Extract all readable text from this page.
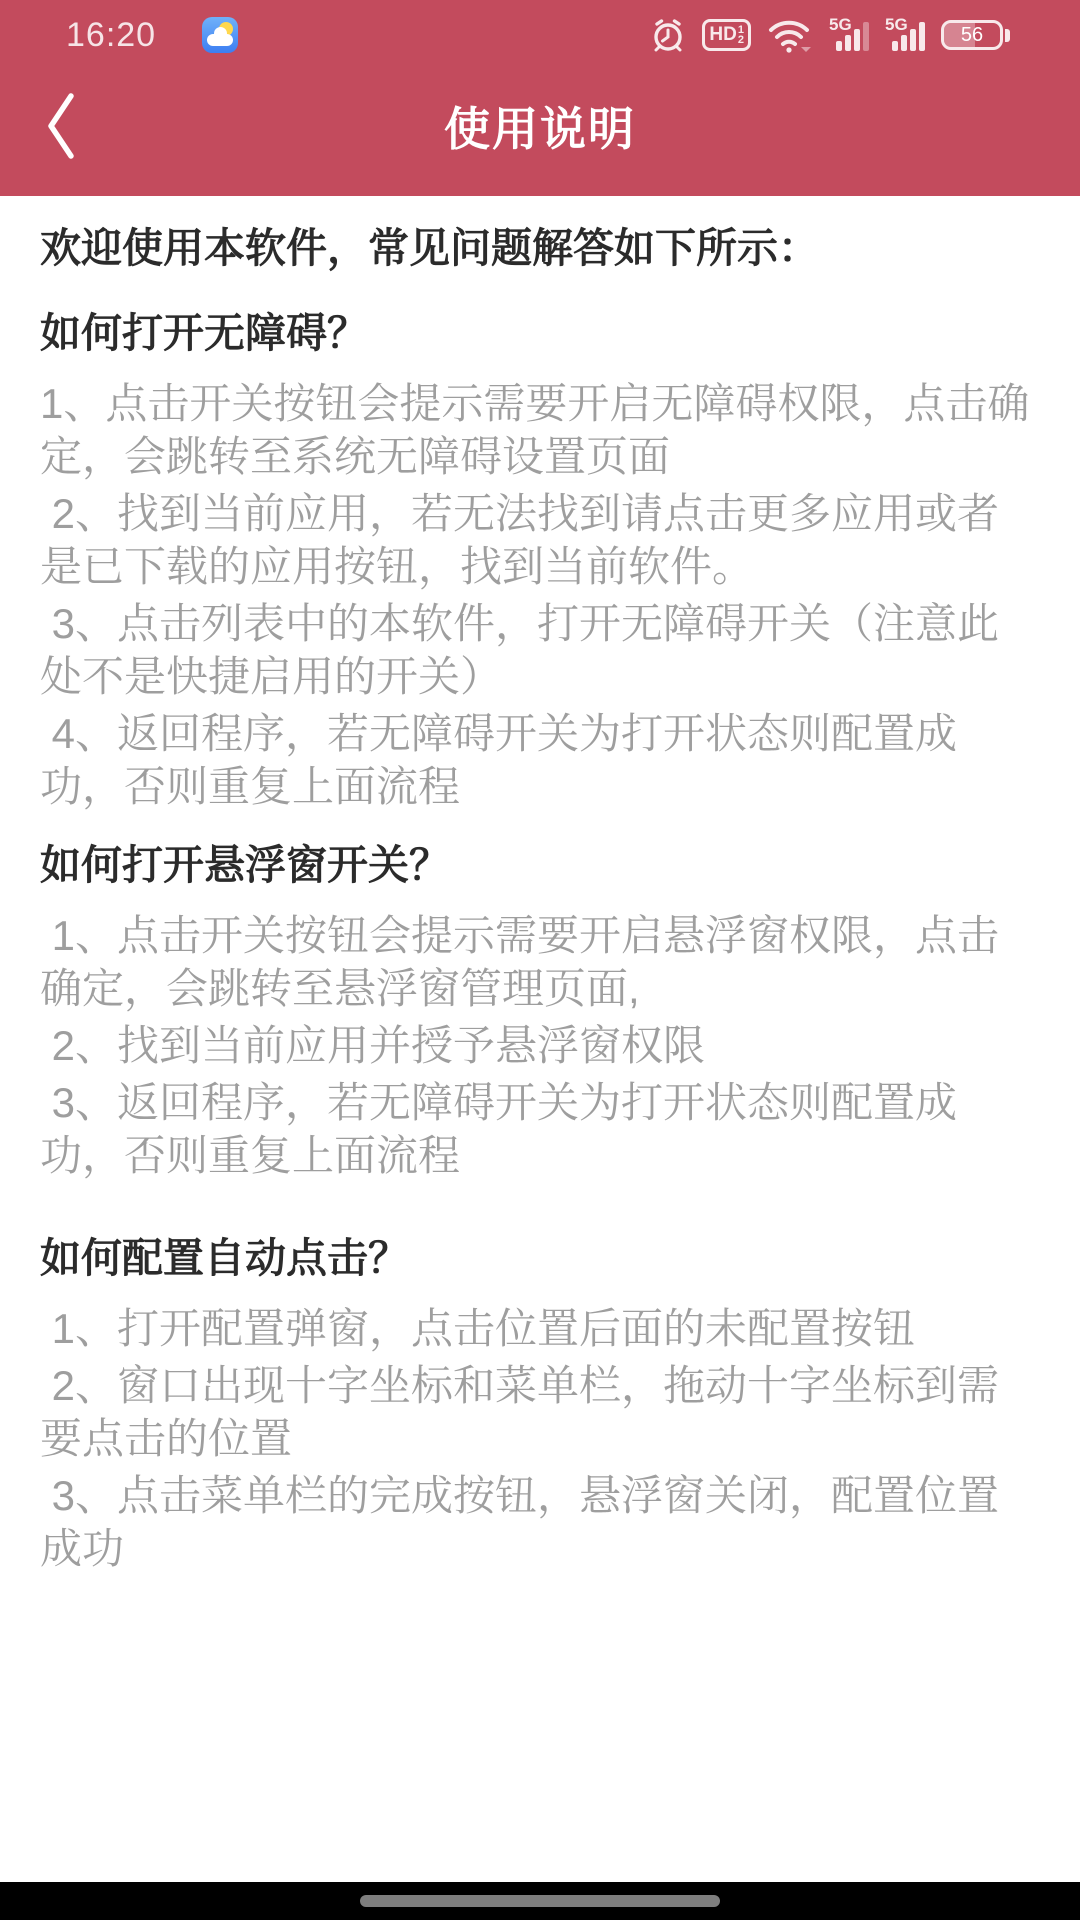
16:20	HD 1
2
5G 5G	56
使用说明
欢迎使用本软件，常见问题解答如下所示：
如何打开无障碍？
1、点击开关按钮会提示需要开启无障碍权限，点击确
定，会跳转至系统无障碍设置页面
2、找到当前应用，若无法找到请点击更多应用或者
是已下载的应用按钮，找到当前软件。
3、点击列表中的本软件，打开无障碍开关（注意此
处不是快捷启用的开关）
4、返回程序，若无障碍开关为打开状态则配置成
功，否则重复上面流程
如何打开悬浮窗开关？
1、点击开关按钮会提示需要开启悬浮窗权限，点击
确定，会跳转至悬浮窗管理页面,
2、找到当前应用并授予悬浮窗权限
3、返回程序，若无障碍开关为打开状态则配置成
功，否则重复上面流程
如何配置自动点击？
1、打开配置弹窗，点击位置后面的未配置按钮
2、窗口出现十字坐标和菜单栏，拖动十字坐标到需
要点击的位置
3、点击菜单栏的完成按钮，悬浮窗关闭，配置位置
成功
